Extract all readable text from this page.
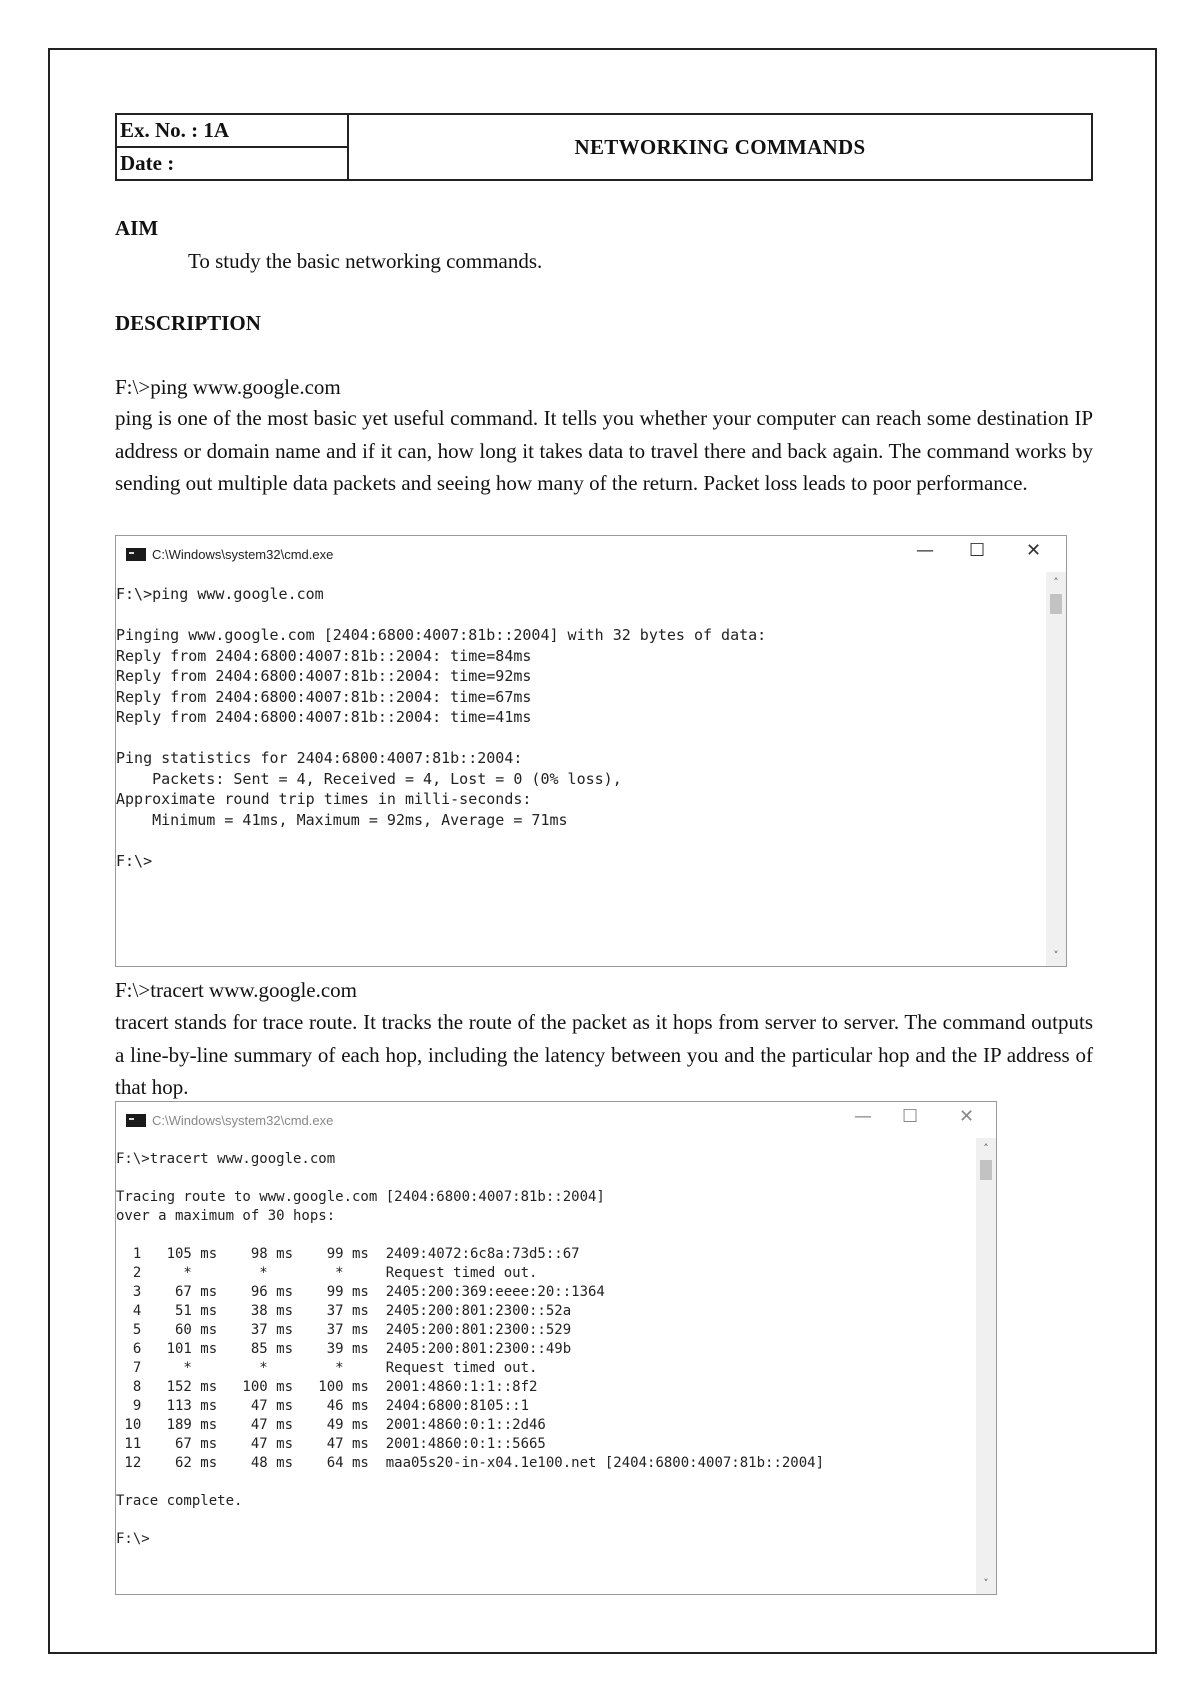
Ex. No. : 1A
Date :
NETWORKING COMMANDS
AIM
To study the basic networking commands.
DESCRIPTION
F:\>ping www.google.com
ping is one of the most basic yet useful command. It tells you whether your computer can reach some destination IP address or domain name and if it can, how long it takes data to travel there and back again. The command works by sending out multiple data packets and seeing how many of the return. Packet loss leads to poor performance.
C:\Windows\system32\cmd.exe	— ☐ ✕
F:\>ping www.google.com

Pinging www.google.com [2404:6800:4007:81b::2004] with 32 bytes of data:
Reply from 2404:6800:4007:81b::2004: time=84ms
Reply from 2404:6800:4007:81b::2004: time=92ms
Reply from 2404:6800:4007:81b::2004: time=67ms
Reply from 2404:6800:4007:81b::2004: time=41ms

Ping statistics for 2404:6800:4007:81b::2004:
Packets: Sent = 4, Received = 4, Lost = 0 (0% loss),
Approximate round trip times in milli-seconds:
Minimum = 41ms, Maximum = 92ms, Average = 71ms

F:\>
˄
˅
F:\>tracert www.google.com
tracert stands for trace route. It tracks the route of the packet as it hops from server to server. The command outputs a line-by-line summary of each hop, including the latency between you and the particular hop and the IP address of that hop.
C:\Windows\system32\cmd.exe	— ☐ ✕
F:\>tracert www.google.com

Tracing route to www.google.com [2404:6800:4007:81b::2004]
over a maximum of 30 hops:

1   105 ms    98 ms    99 ms  2409:4072:6c8a:73d5::67
2     *        *        *     Request timed out.
3    67 ms    96 ms    99 ms  2405:200:369:eeee:20::1364
4    51 ms    38 ms    37 ms  2405:200:801:2300::52a
5    60 ms    37 ms    37 ms  2405:200:801:2300::529
6   101 ms    85 ms    39 ms  2405:200:801:2300::49b
7     *        *        *     Request timed out.
8   152 ms   100 ms   100 ms  2001:4860:1:1::8f2
9   113 ms    47 ms    46 ms  2404:6800:8105::1
10   189 ms    47 ms    49 ms  2001:4860:0:1::2d46
11    67 ms    47 ms    47 ms  2001:4860:0:1::5665
12    62 ms    48 ms    64 ms  maa05s20-in-x04.1e100.net [2404:6800:4007:81b::2004]

Trace complete.

F:\>
˄
˅
